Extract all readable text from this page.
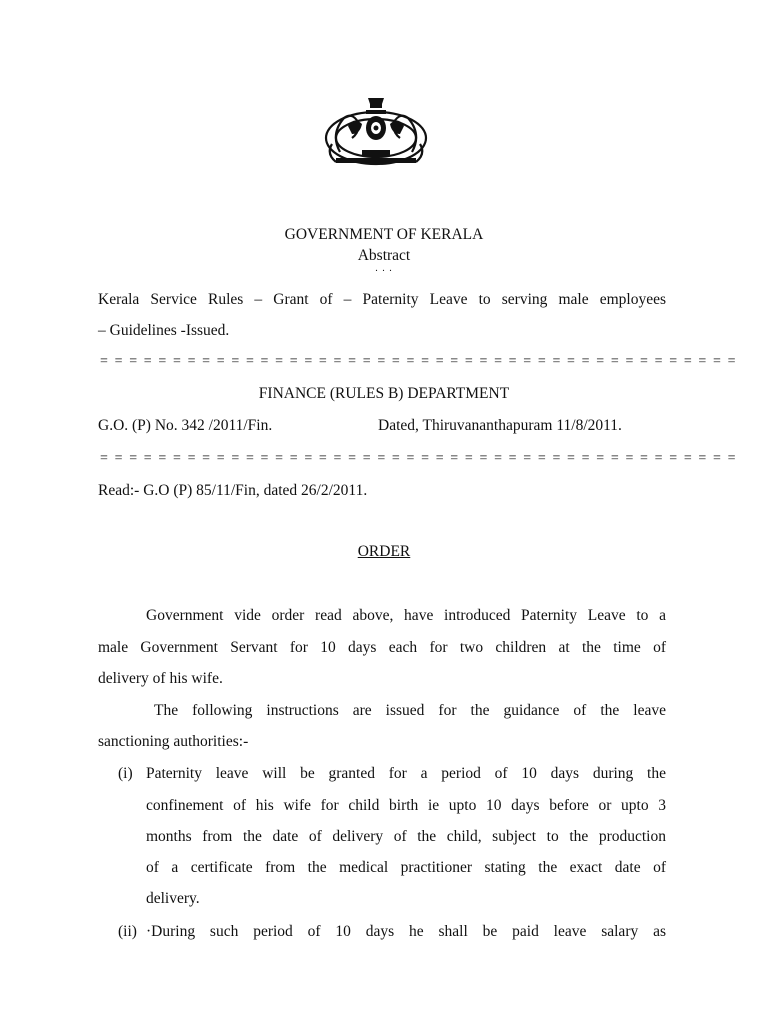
GOVERNMENT OF KERALA
Abstract
. . .
Kerala Service Rules – Grant of – Paternity Leave to serving male employees
– Guidelines -Issued.
= = = = = = = = = = = = = = = = = = = = = = = = = = = = = = = = = = = = = = = = = = = =
FINANCE (RULES B) DEPARTMENT
G.O. (P) No. 342 /2011/Fin.	Dated, Thiruvananthapuram 11/8/2011.
= = = = = = = = = = = = = = = = = = = = = = = = = = = = = = = = = = = = = = = = = = = =
Read:- G.O (P) 85/11/Fin, dated 26/2/2011.
ORDER
Government vide order read above, have introduced Paternity Leave to a
male Government Servant for 10 days each for two children at the time of
delivery of his wife.
The following instructions are issued for the guidance of the leave
sanctioning authorities:-
(i) Paternity leave will be granted for a period of 10 days during the
confinement of his wife for child birth ie upto 10 days before or upto 3
months from the date of delivery of the child, subject to the production
of a certificate from the medical practitioner stating the exact date of
delivery.
(ii) ·During such period of 10 days he shall be paid leave salary as
